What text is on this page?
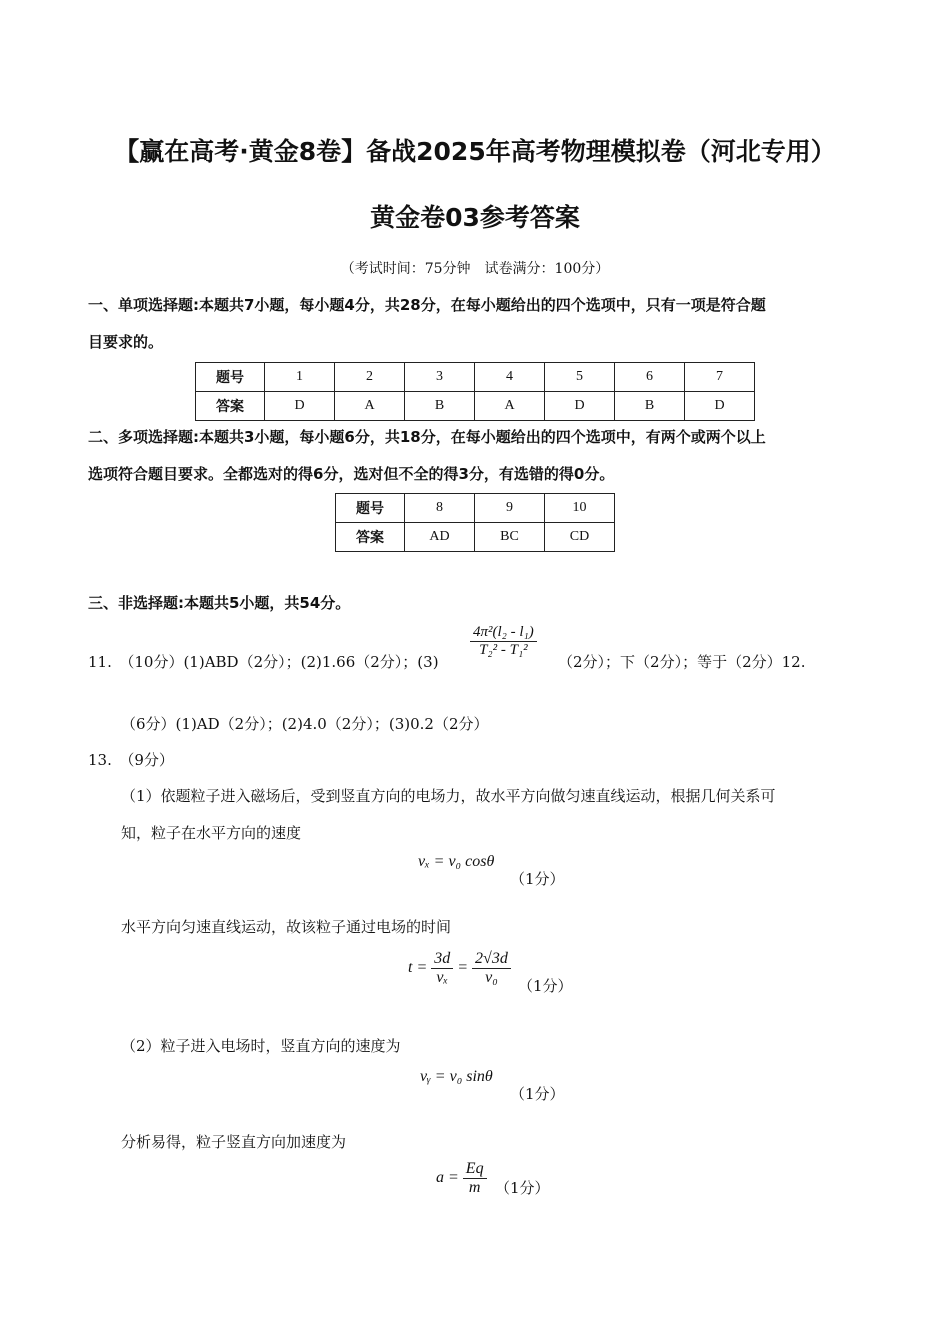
【赢在高考·黄金8卷】备战2025年高考物理模拟卷（河北专用）
黄金卷03参考答案
（考试时间：75分钟　试卷满分：100分）
一、单项选择题:本题共7小题，每小题4分，共28分，在每小题给出的四个选项中，只有一项是符合题
目要求的。
题号	1	2	3	4	5	6	7
答案	D	A	B	A	D	B	D
二、多项选择题:本题共3小题，每小题6分，共18分，在每小题给出的四个选项中，有两个或两个以上
选项符合题目要求。全都选对的得6分，选对但不全的得3分，有选错的得0分。
题号	8	9	10
答案	AD	BC	CD
三、非选择题:本题共5小题，共54分。
11.　（10分）(1)ABD（2分）；(2)1.66（2分）；(3)
$\frac{\text{4π²(l₂ - l₁)}}{\text{T₂² - T₁²}}$
（2分）；下（2分）；等于（2分）12.
（6分）(1)AD（2分）；(2)4.0（2分）；(3)0.2（2分）
13.　（9分）
（1）依题粒子进入磁场后，受到竖直方向的电场力，故水平方向做匀速直线运动，根据几何关系可
知，粒子在水平方向的速度
vₓ = v₀ cosθ
（1分）
水平方向匀速直线运动，故该粒子通过电场的时间
$t = \frac{3d}{\text{vₓ}} = \frac{2√3d}{\text{v₀}} (1$分）
（2）粒子进入电场时，竖直方向的速度为
vᵧ = v₀ sinθ
（1分）
分析易得，粒子竖直方向加速度为
$a = \frac{Eq}{m} (1$分）
